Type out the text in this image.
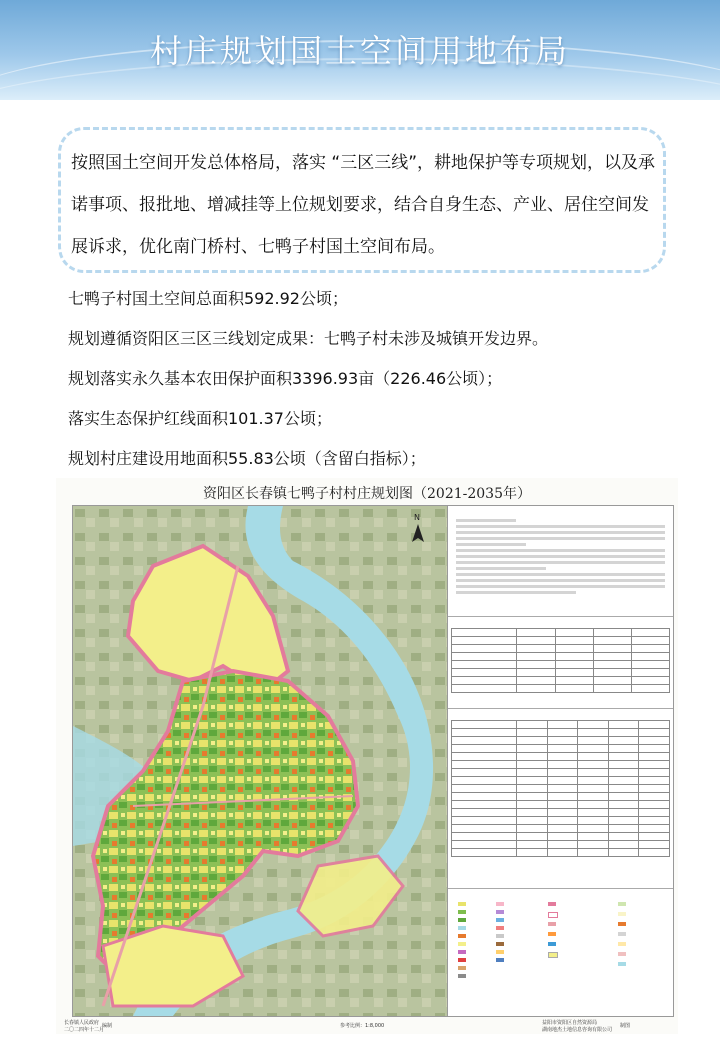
村庄规划国土空间用地布局

按照国土空间开发总体格局，落实 “三区三线”，耕地保护等专项规划，以及承诺事项、报批地、增减挂等上位规划要求，结合自身生态、产业、居住空间发展诉求，优化南门桥村、七鸭子村国土空间布局。

七鸭子村国土空间总面积592.92公顷；
规划遵循资阳区三区三线划定成果：七鸭子村未涉及城镇开发边界。
规划落实永久基本农田保护面积3396.93亩（226.46公顷）；
落实生态保护红线面积101.37公顷；
规划村庄建设用地面积55.83公顷（含留白指标）；
资阳区长春镇七鸭子村村庄规划图（2021-2035年）
N

长春镇人民政府
二〇二四年十二月
编制	参考比例：1:8,000	益阳市资阳区自然资源局
湖南地杰土地信息咨询有限公司
制图
